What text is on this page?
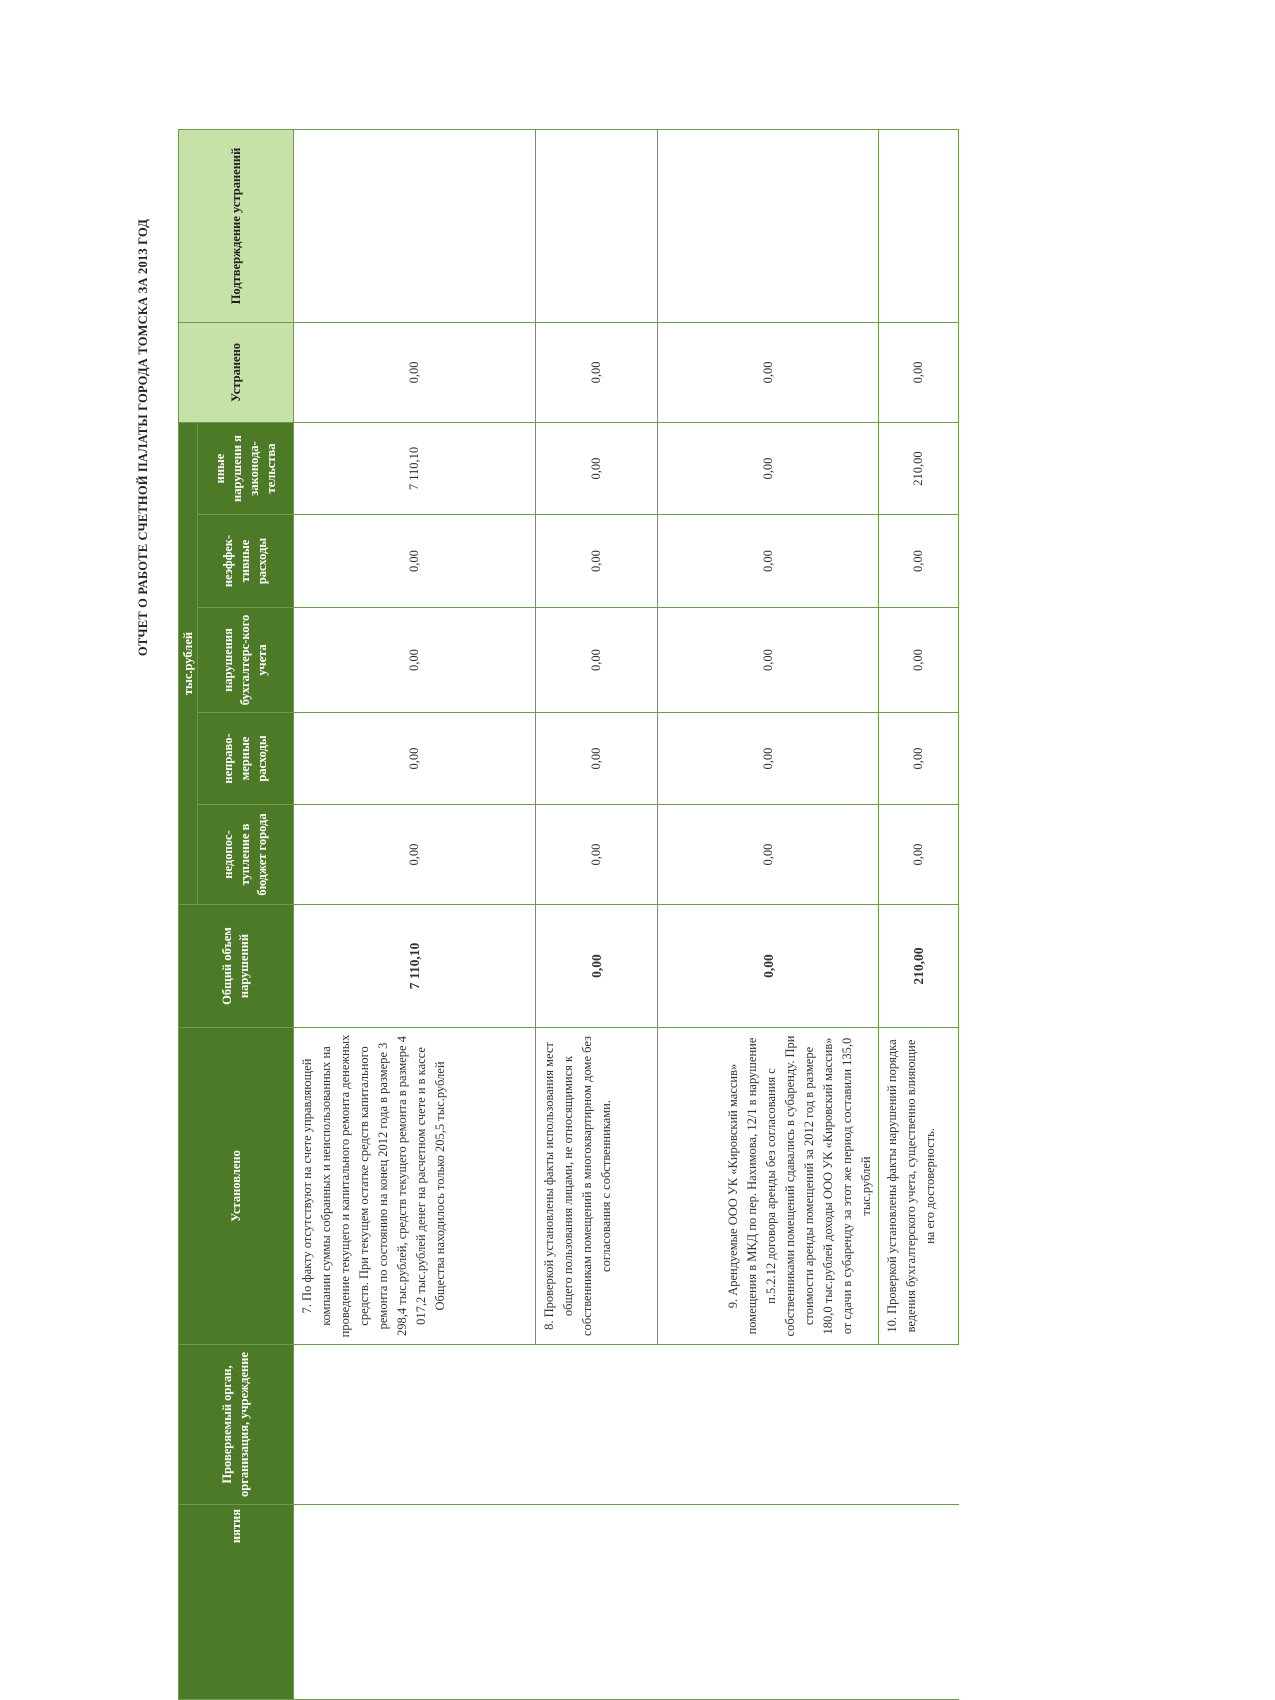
ОТЧЕТ О РАБОТЕ СЧЕТНОЙ ПАЛАТЫ ГОРОДА ТОМСКА ЗА 2013 ГОД
иятия	Проверяемый орган, организация, учреждение	Установлено	Общий объем нарушений	тыс.рублей					Устранено	Подтверждение устранений
				недопос-тупление в бюджет города	неправо-мерные расходы	нарушения бухгалтерс-кого учета	неэффек-тивные расходы	иные нарушени я законода-тельства		
		7. По факту отсутствуют на счете управляющей компании суммы собранных и неиспользованных на проведение текущего и капитального ремонта денежных средств. При текущем остатке средств капитального ремонта по состоянию на конец 2012 года в размере 3 298,4 тыс.рублей, средств текущего ремонта в размере 4 017,2 тыс.рублей денег на расчетном счете и в кассе Общества находилось только 205,5 тыс.рублей	7 110,10	0,00	0,00	0,00	0,00	7 110,10	0,00	
		8. Проверкой установлены факты использования мест общего пользования лицами, не относящимися к собственникам помещений в многоквартирном доме без согласования с собственниками.	0,00	0,00	0,00	0,00	0,00	0,00	0,00	
		9. Арендуемые ООО УК «Кировский массив» помещения в МКД по пер. Нахимова, 12/1 в нарушение п.5.2.12 договора аренды без согласования с собственниками помещений сдавались в субаренду. При стоимости аренды помещений за 2012 год в размере 180,0 тыс.рублей доходы ООО УК «Кировский массив» от сдачи в субаренду за этот же период составили 135,0 тыс.рублей	0,00	0,00	0,00	0,00	0,00	0,00	0,00	
		10. Проверкой установлены факты нарушений порядка ведения бухгалтерского учета, существенно влияющие на его достоверность.	210,00	0,00	0,00	0,00	0,00	210,00	0,00	
